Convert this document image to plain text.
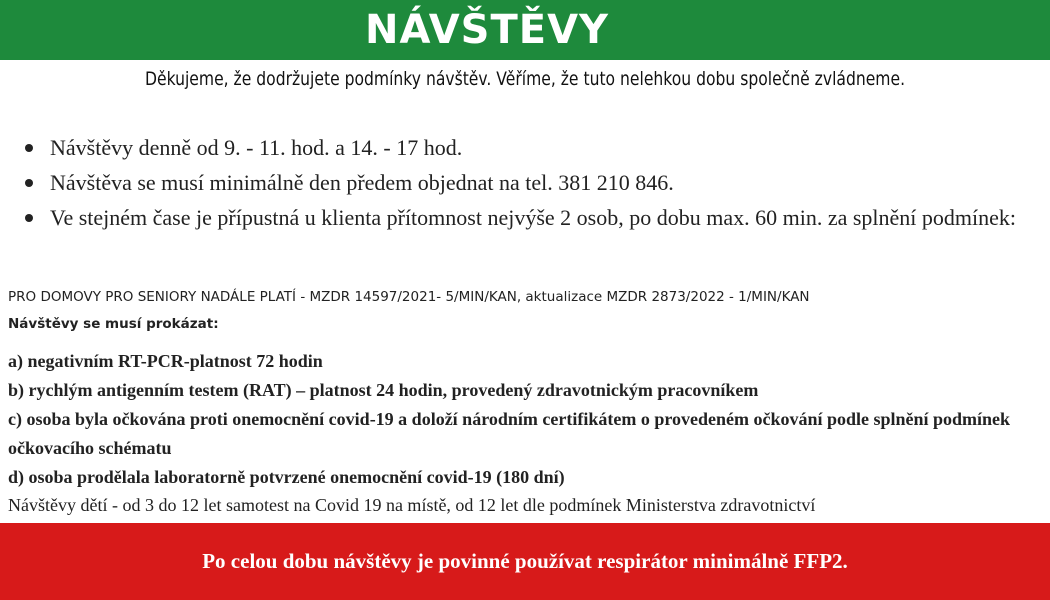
NÁVŠTĚVY
Děkujeme, že dodržujete podmínky návštěv. Věříme, že tuto nelehkou dobu společně zvládneme.
Návštěvy denně od 9. - 11. hod. a 14. - 17 hod.
Návštěva se musí minimálně den předem objednat na tel. 381 210 846.
Ve stejném čase je přípustná u klienta přítomnost nejvýše 2 osob, po dobu max. 60 min. za splnění podmínek:
PRO DOMOVY PRO SENIORY NADÁLE PLATÍ - MZDR 14597/2021- 5/MIN/KAN, aktualizace MZDR 2873/2022 - 1/MIN/KAN
Návštěvy se musí prokázat:
a) negativním RT-PCR-platnost 72 hodin
b) rychlým antigenním testem (RAT) – platnost 24 hodin, provedený zdravotnickým pracovníkem
c) osoba byla očkována proti onemocnění covid-19 a doloží národním certifikátem o provedeném očkování podle splnění podmínek očkovacího schématu
d) osoba prodělala laboratorně potvrzené onemocnění covid-19 (180 dní)
Návštěvy dětí - od 3 do 12 let samotest na Covid 19 na místě, od 12 let dle podmínek Ministerstva zdravotnictví
Po celou dobu návštěvy je povinné používat respirátor minimálně FFP2.
